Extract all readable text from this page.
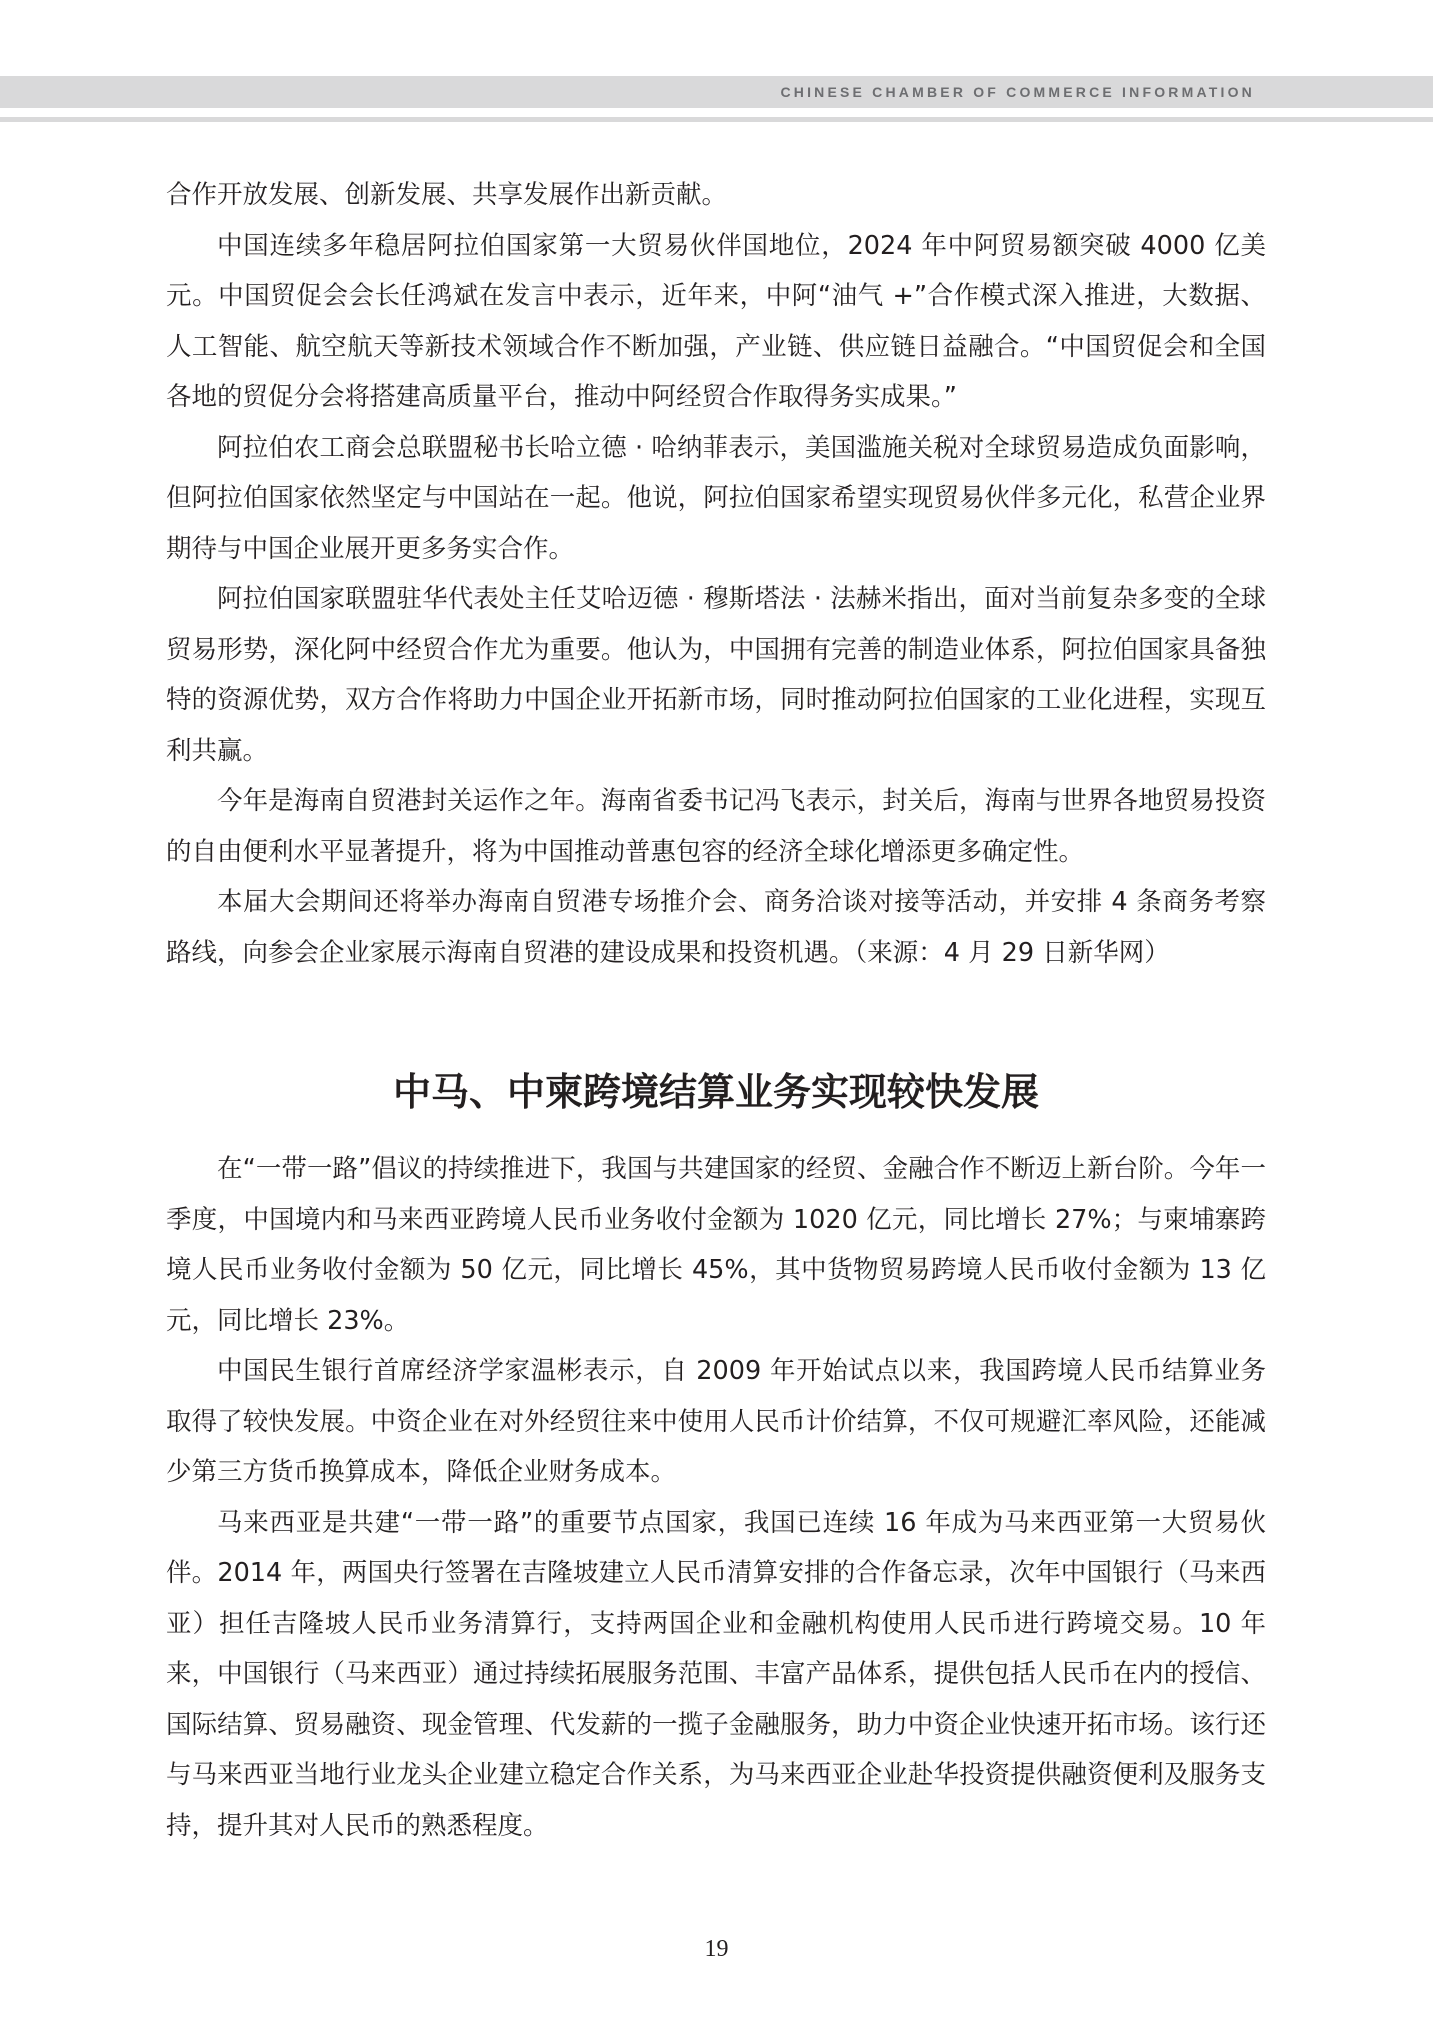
CHINESE CHAMBER OF COMMERCE INFORMATION

合作开放发展、创新发展、共享发展作出新贡献。

中国连续多年稳居阿拉伯国家第一大贸易伙伴国地位，2024 年中阿贸易额突破 4000 亿美元。中国贸促会会长任鸿斌在发言中表示，近年来，中阿“油气 +”合作模式深入推进，大数据、人工智能、航空航天等新技术领域合作不断加强，产业链、供应链日益融合。“中国贸促会和全国各地的贸促分会将搭建高质量平台，推动中阿经贸合作取得务实成果。”

阿拉伯农工商会总联盟秘书长哈立德 · 哈纳菲表示，美国滥施关税对全球贸易造成负面影响，但阿拉伯国家依然坚定与中国站在一起。他说，阿拉伯国家希望实现贸易伙伴多元化，私营企业界期待与中国企业展开更多务实合作。

阿拉伯国家联盟驻华代表处主任艾哈迈德 · 穆斯塔法 · 法赫米指出，面对当前复杂多变的全球贸易形势，深化阿中经贸合作尤为重要。他认为，中国拥有完善的制造业体系，阿拉伯国家具备独特的资源优势，双方合作将助力中国企业开拓新市场，同时推动阿拉伯国家的工业化进程，实现互利共赢。

今年是海南自贸港封关运作之年。海南省委书记冯飞表示，封关后，海南与世界各地贸易投资的自由便利水平显著提升，将为中国推动普惠包容的经济全球化增添更多确定性。

本届大会期间还将举办海南自贸港专场推介会、商务洽谈对接等活动，并安排 4 条商务考察路线，向参会企业家展示海南自贸港的建设成果和投资机遇。（来源：4 月 29 日新华网）

中马、中柬跨境结算业务实现较快发展

在“一带一路”倡议的持续推进下，我国与共建国家的经贸、金融合作不断迈上新台阶。今年一季度，中国境内和马来西亚跨境人民币业务收付金额为 1020 亿元，同比增长 27%；与柬埔寨跨境人民币业务收付金额为 50 亿元，同比增长 45%，其中货物贸易跨境人民币收付金额为 13 亿元，同比增长 23%。

中国民生银行首席经济学家温彬表示，自 2009 年开始试点以来，我国跨境人民币结算业务取得了较快发展。中资企业在对外经贸往来中使用人民币计价结算，不仅可规避汇率风险，还能减少第三方货币换算成本，降低企业财务成本。

马来西亚是共建“一带一路”的重要节点国家，我国已连续 16 年成为马来西亚第一大贸易伙伴。2014 年，两国央行签署在吉隆坡建立人民币清算安排的合作备忘录，次年中国银行（马来西亚）担任吉隆坡人民币业务清算行，支持两国企业和金融机构使用人民币进行跨境交易。10 年来，中国银行（马来西亚）通过持续拓展服务范围、丰富产品体系，提供包括人民币在内的授信、国际结算、贸易融资、现金管理、代发薪的一揽子金融服务，助力中资企业快速开拓市场。该行还与马来西亚当地行业龙头企业建立稳定合作关系，为马来西亚企业赴华投资提供融资便利及服务支持，提升其对人民币的熟悉程度。

19
